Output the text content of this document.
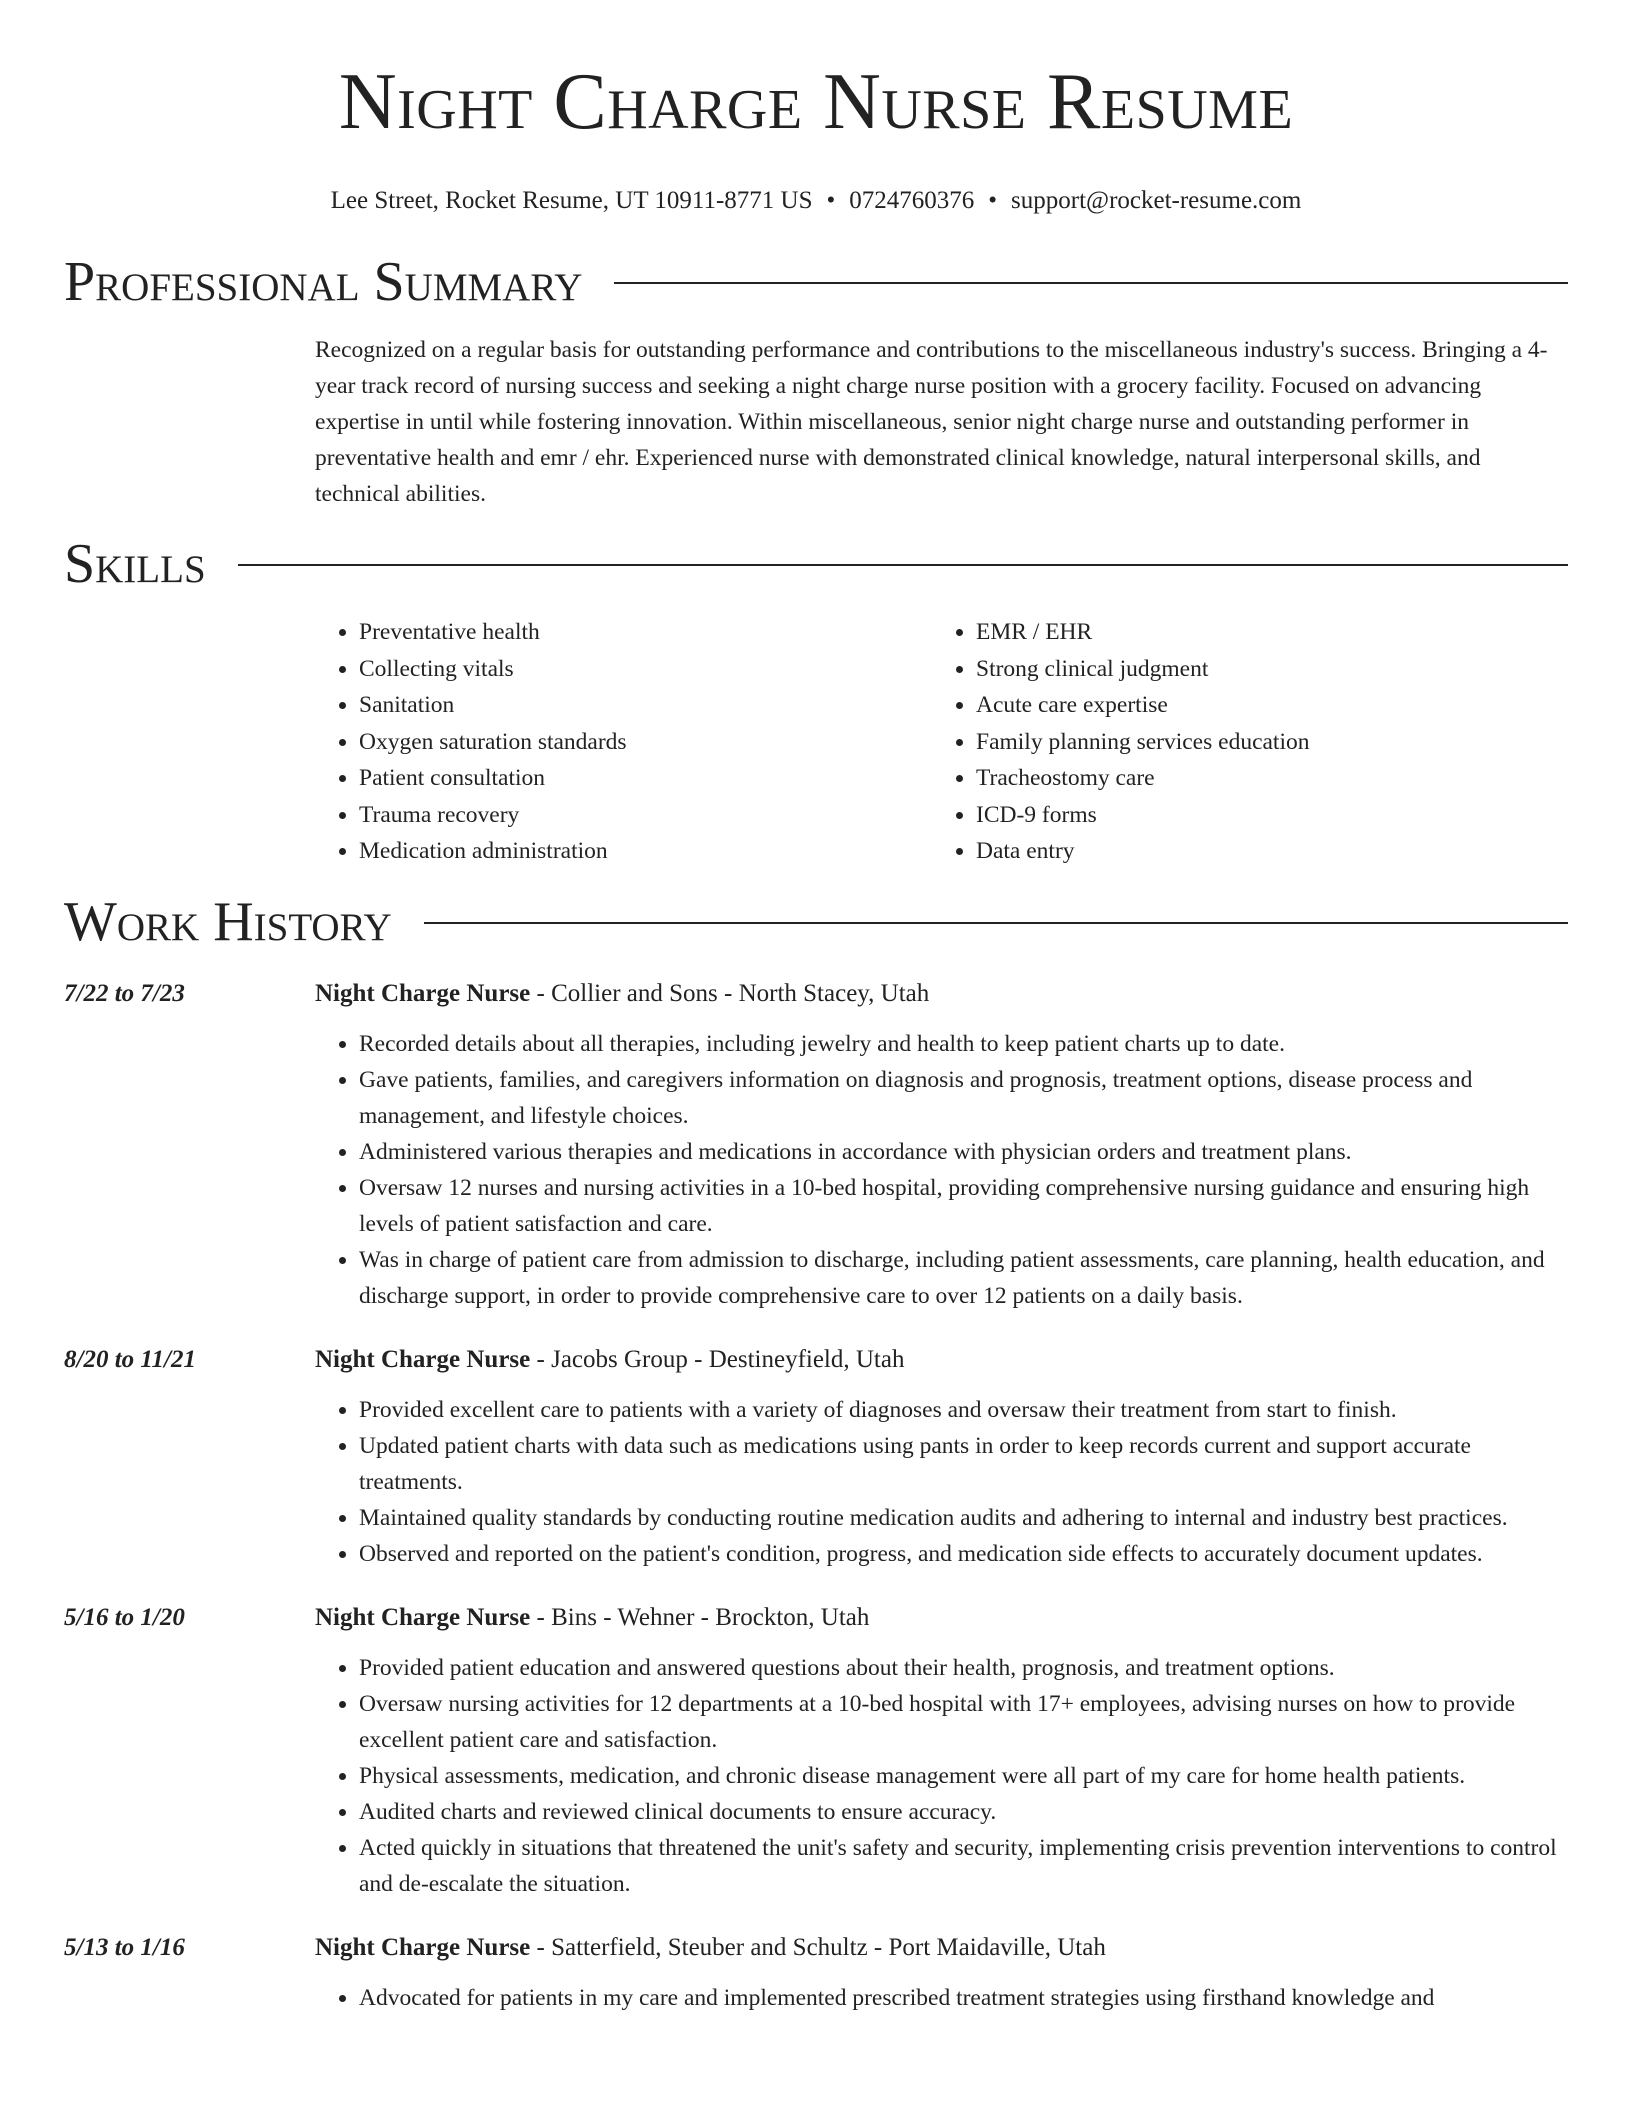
Night Charge Nurse Resume
Lee Street, Rocket Resume, UT 10911-8771 US • 0724760376 • support@rocket-resume.com
Professional Summary

Recognized on a regular basis for outstanding performance and contributions to the miscellaneous industry's success. Bringing a 4-year track record of nursing success and seeking a night charge nurse position with a grocery facility. Focused on advancing expertise in until while fostering innovation. Within miscellaneous, senior night charge nurse and outstanding performer in preventative health and emr / ehr. Experienced nurse with demonstrated clinical knowledge, natural interpersonal skills, and technical abilities.

Skills
• Preventative health
• Collecting vitals
• Sanitation
• Oxygen saturation standards
• Patient consultation
• Trauma recovery
• Medication administration
• EMR / EHR
• Strong clinical judgment
• Acute care expertise
• Family planning services education
• Tracheostomy care
• ICD-9 forms
• Data entry
Work History
7/22 to 7/23	Night Charge Nurse - Collier and Sons - North Stacey, Utah
• Recorded details about all therapies, including jewelry and health to keep patient charts up to date.
• Gave patients, families, and caregivers information on diagnosis and prognosis, treatment options, disease process and management, and lifestyle choices.
• Administered various therapies and medications in accordance with physician orders and treatment plans.
• Oversaw 12 nurses and nursing activities in a 10-bed hospital, providing comprehensive nursing guidance and ensuring high levels of patient satisfaction and care.
• Was in charge of patient care from admission to discharge, including patient assessments, care planning, health education, and discharge support, in order to provide comprehensive care to over 12 patients on a daily basis.
8/20 to 11/21	Night Charge Nurse - Jacobs Group - Destineyfield, Utah
• Provided excellent care to patients with a variety of diagnoses and oversaw their treatment from start to finish.
• Updated patient charts with data such as medications using pants in order to keep records current and support accurate treatments.
• Maintained quality standards by conducting routine medication audits and adhering to internal and industry best practices.
• Observed and reported on the patient's condition, progress, and medication side effects to accurately document updates.
5/16 to 1/20	Night Charge Nurse - Bins - Wehner - Brockton, Utah
• Provided patient education and answered questions about their health, prognosis, and treatment options.
• Oversaw nursing activities for 12 departments at a 10-bed hospital with 17+ employees, advising nurses on how to provide excellent patient care and satisfaction.
• Physical assessments, medication, and chronic disease management were all part of my care for home health patients.
• Audited charts and reviewed clinical documents to ensure accuracy.
• Acted quickly in situations that threatened the unit's safety and security, implementing crisis prevention interventions to control and de-escalate the situation.
5/13 to 1/16	Night Charge Nurse - Satterfield, Steuber and Schultz - Port Maidaville, Utah
• Advocated for patients in my care and implemented prescribed treatment strategies using firsthand knowledge and
